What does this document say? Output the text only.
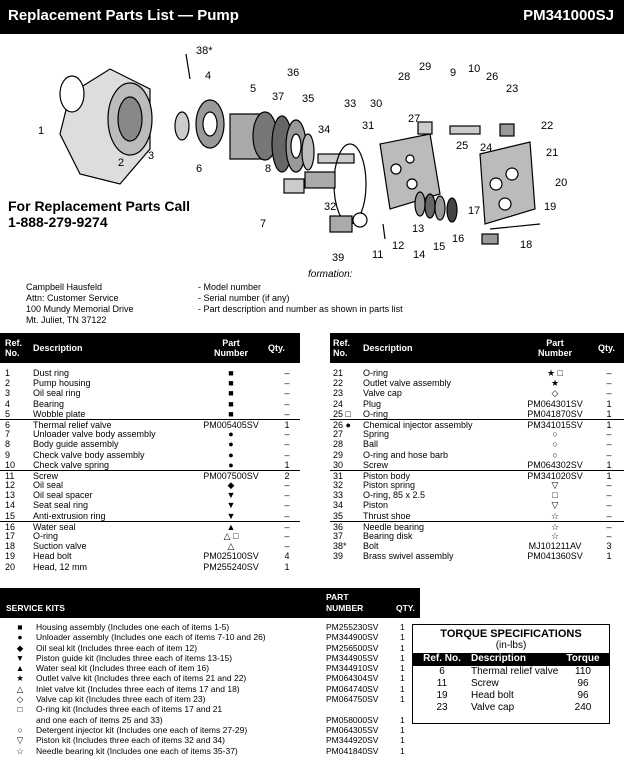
Replacement Parts List — Pump	PM341000SJ
1
2
3
38*
4
5
37
36
35
34
33 30
31
28
27
29 9 10
26
23
22
21
20
25 24
6	8
7
32
39	11
12
14
15
16
17	19
18
13
For Replacement Parts Call
1-888-279-9274
formation:
Campbell Hausfeld
Attn: Customer Service
100 Mundy Memorial Drive
Mt. Juliet, TN 37122
- Model number
- Serial number (if any)
- Part description and number as shown in parts list
Ref.
No. Description	Part
Number	Qty.
1	Dust ring	■	–
2	Pump housing	■	–
3	Oil seal ring	■	–
4	Bearing	■	–
5	Wobble plate	■	–
6	Thermal relief valve	PM005405SV	1
7	Unloader valve body assembly	●	–
8	Body guide assembly	●	–
9	Check valve body assembly	●	–
10 Check valve spring	●	1
11 Screw	PM007500SV	2
12 Oil seal	◆	–
13 Oil seal spacer	▼	–
14 Seat seal ring	▼	–
15 Anti-extrusion ring	▼	–
16 Water seal	▲	–
17 O-ring	△ □	–
18 Suction valve	△	–
19 Head bolt	PM025100SV	4
20 Head, 12 mm	PM255240SV	1
Ref.
No. Description	Part
Number	Qty.
21 O-ring	★ □	–
22 Outlet valve assembly	★	–
23 Valve cap	◇	–
24 Plug	PM064301SV	1
25 □ O-ring	PM041870SV	1
26 ● Chemical injector assembly	PM341015SV	1
27 Spring	○	–
28 Ball	○	–
29 O-ring and hose barb	○	–
30 Screw	PM064302SV	1
31 Piston body	PM341020SV	1
32 Piston spring	▽	–
33 O-ring, 85 x 2.5	□	–
34 Piston	▽	–
35 Thrust shoe	☆	–
36 Needle bearing	☆	–
37 Bearing disk	☆	–
38* Bolt	MJ101211AV	3
39 Brass swivel assembly	PM041360SV	1
SERVICE KITS
PART
NUMBER	QTY.
■	Housing assembly (Includes one each of items 1-5)	PM255230SV	1
●	Unloader assembly (Includes one each of items 7-10 and 26)	PM344900SV	1
◆	Oil seal kit (Includes three each of item 12)	PM256500SV	1
▼ Piston guide kit (Includes three each of items 13-15)	PM344905SV	1
▲ Water seal kit (Includes three each of item 16)	PM344910SV	1
★ Outlet valve kit (Includes three each of items 21 and 22)	PM064304SV	1
△	Inlet valve kit (Includes three each of items 17 and 18)	PM064740SV	1
◇	Valve cap kit (Includes three each of item 23)	PM064750SV	1
□	O-ring kit (Includes three each of items 17 and 21
and one each of items 25 and 33)	PM058000SV	1
○	Detergent injector kit (Includes one each of items 27-29)	PM064305SV	1
▽	Piston kit (Includes three each of items 32 and 34)	PM344920SV	1
☆ Needle bearing kit (Includes one each of items 35-37)	PM041840SV	1
TORQUE SPECIFICATIONS
(in-lbs)
Ref. No.	Description	Torque
6	Thermal relief valve	110
11	Screw	96
19	Head bolt	96
23	Valve cap	240
